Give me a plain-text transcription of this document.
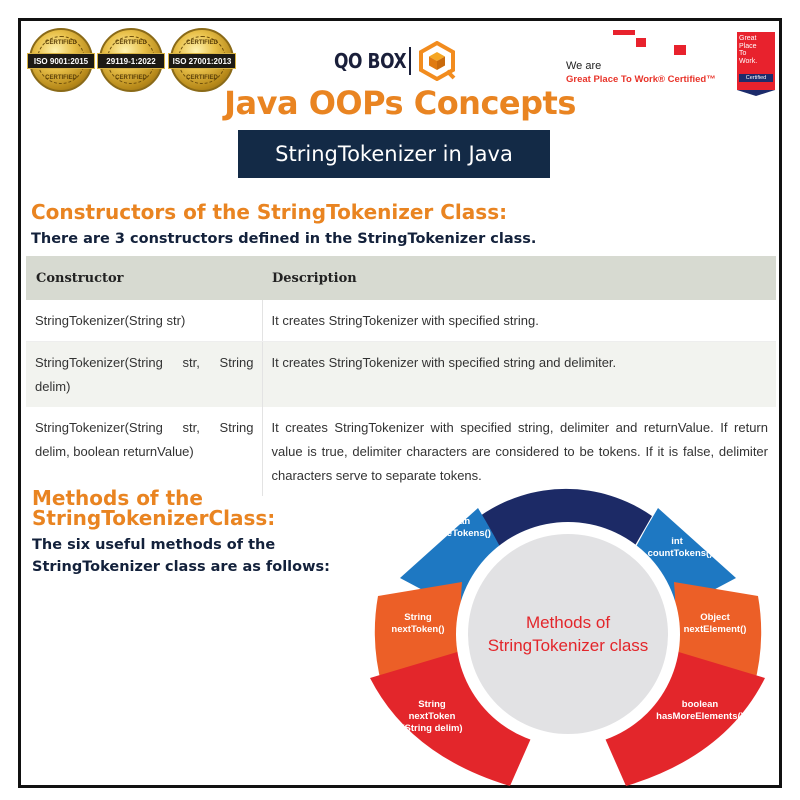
CERTIFIED
ISO 9001:2015
CERTIFIED
CERTIFIED
29119-1:2022
CERTIFIED
CERTIFIED
ISO 27001:2013
CERTIFIED
QO BOX	We are
Great Place To Work® Certified™
Great
Place
To
Work.
Certified
Java OOPs Concepts
StringTokenizer in Java
Constructors of the StringTokenizer Class:
There are 3 constructors defined in the StringTokenizer class.
Constructor	Description
StringTokenizer(String str)	It creates StringTokenizer with specified string.
StringTokenizer(String str, String delim)	It creates StringTokenizer with specified string and delimiter.
StringTokenizer(String str, String delim, boolean returnValue)	It creates StringTokenizer with specified string, delimiter and returnValue. If return value is true, delimiter characters are considered to be tokens. If it is false, delimiter characters serve to separate tokens.
Methods of the
StringTokenizerClass:
The six useful methods of the
StringTokenizer class are as follows:
Methods of
StringTokenizer class
boolean
hasMoreTokens()
int
countTokens()
String
nextToken()
Object
nextElement()
String
nextToken
(String delim)
boolean
hasMoreElements()
